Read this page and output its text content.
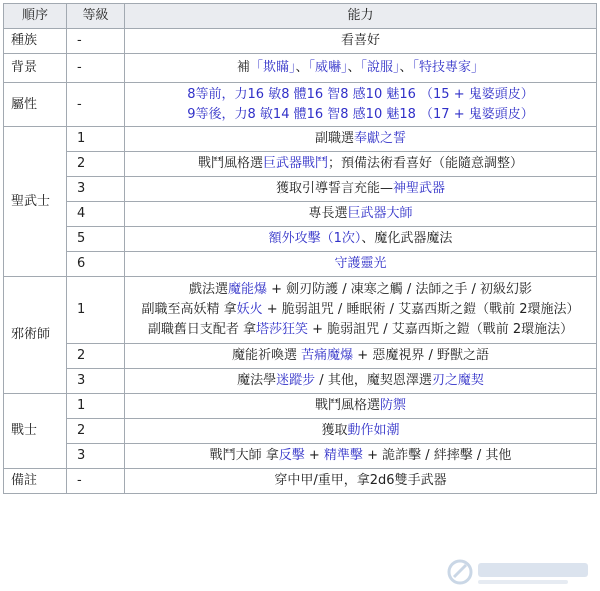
順序	等級	能力
種族	-	看喜好

背景	-	補「欺瞞」、「威嚇」、「說服」、「特技專家」

屬性	-	8等前，力16 敏8 體16 智8 感10 魅16 （15 + 鬼婆頭皮）
9等後，力8 敏14 體16 智8 感10 魅18 （17 + 鬼婆頭皮）

聖武士	1	副職選奉獻之誓

	2	戰鬥風格選巨武器戰鬥；預備法術看喜好（能隨意調整）

	3	獲取引導誓言充能—神聖武器

	4	專長選巨武器大師

	5	額外攻擊（1次）、魔化武器魔法

	6	守護靈光

邪術師	1	戲法選魔能爆 + 劍刃防護 / 凍寒之觸 / 法師之手 / 初級幻影
副職至高妖精 拿妖火 + 脆弱詛咒 / 睡眠術 / 艾嘉西斯之鎧（戰前 2環施法）
副職舊日支配者 拿塔莎狂笑 + 脆弱詛咒 / 艾嘉西斯之鎧（戰前 2環施法）

	2	魔能祈喚選 苦痛魔爆 + 惡魔視界 / 野獸之語

	3	魔法學迷蹤步 / 其他，魔契恩澤選刃之魔契

戰士	1	戰鬥風格選防禦

	2	獲取動作如潮

	3	戰鬥大師 拿反擊 + 精準擊 + 詭詐擊 / 絆摔擊 / 其他

備註	-	穿中甲/重甲，拿2d6雙手武器
